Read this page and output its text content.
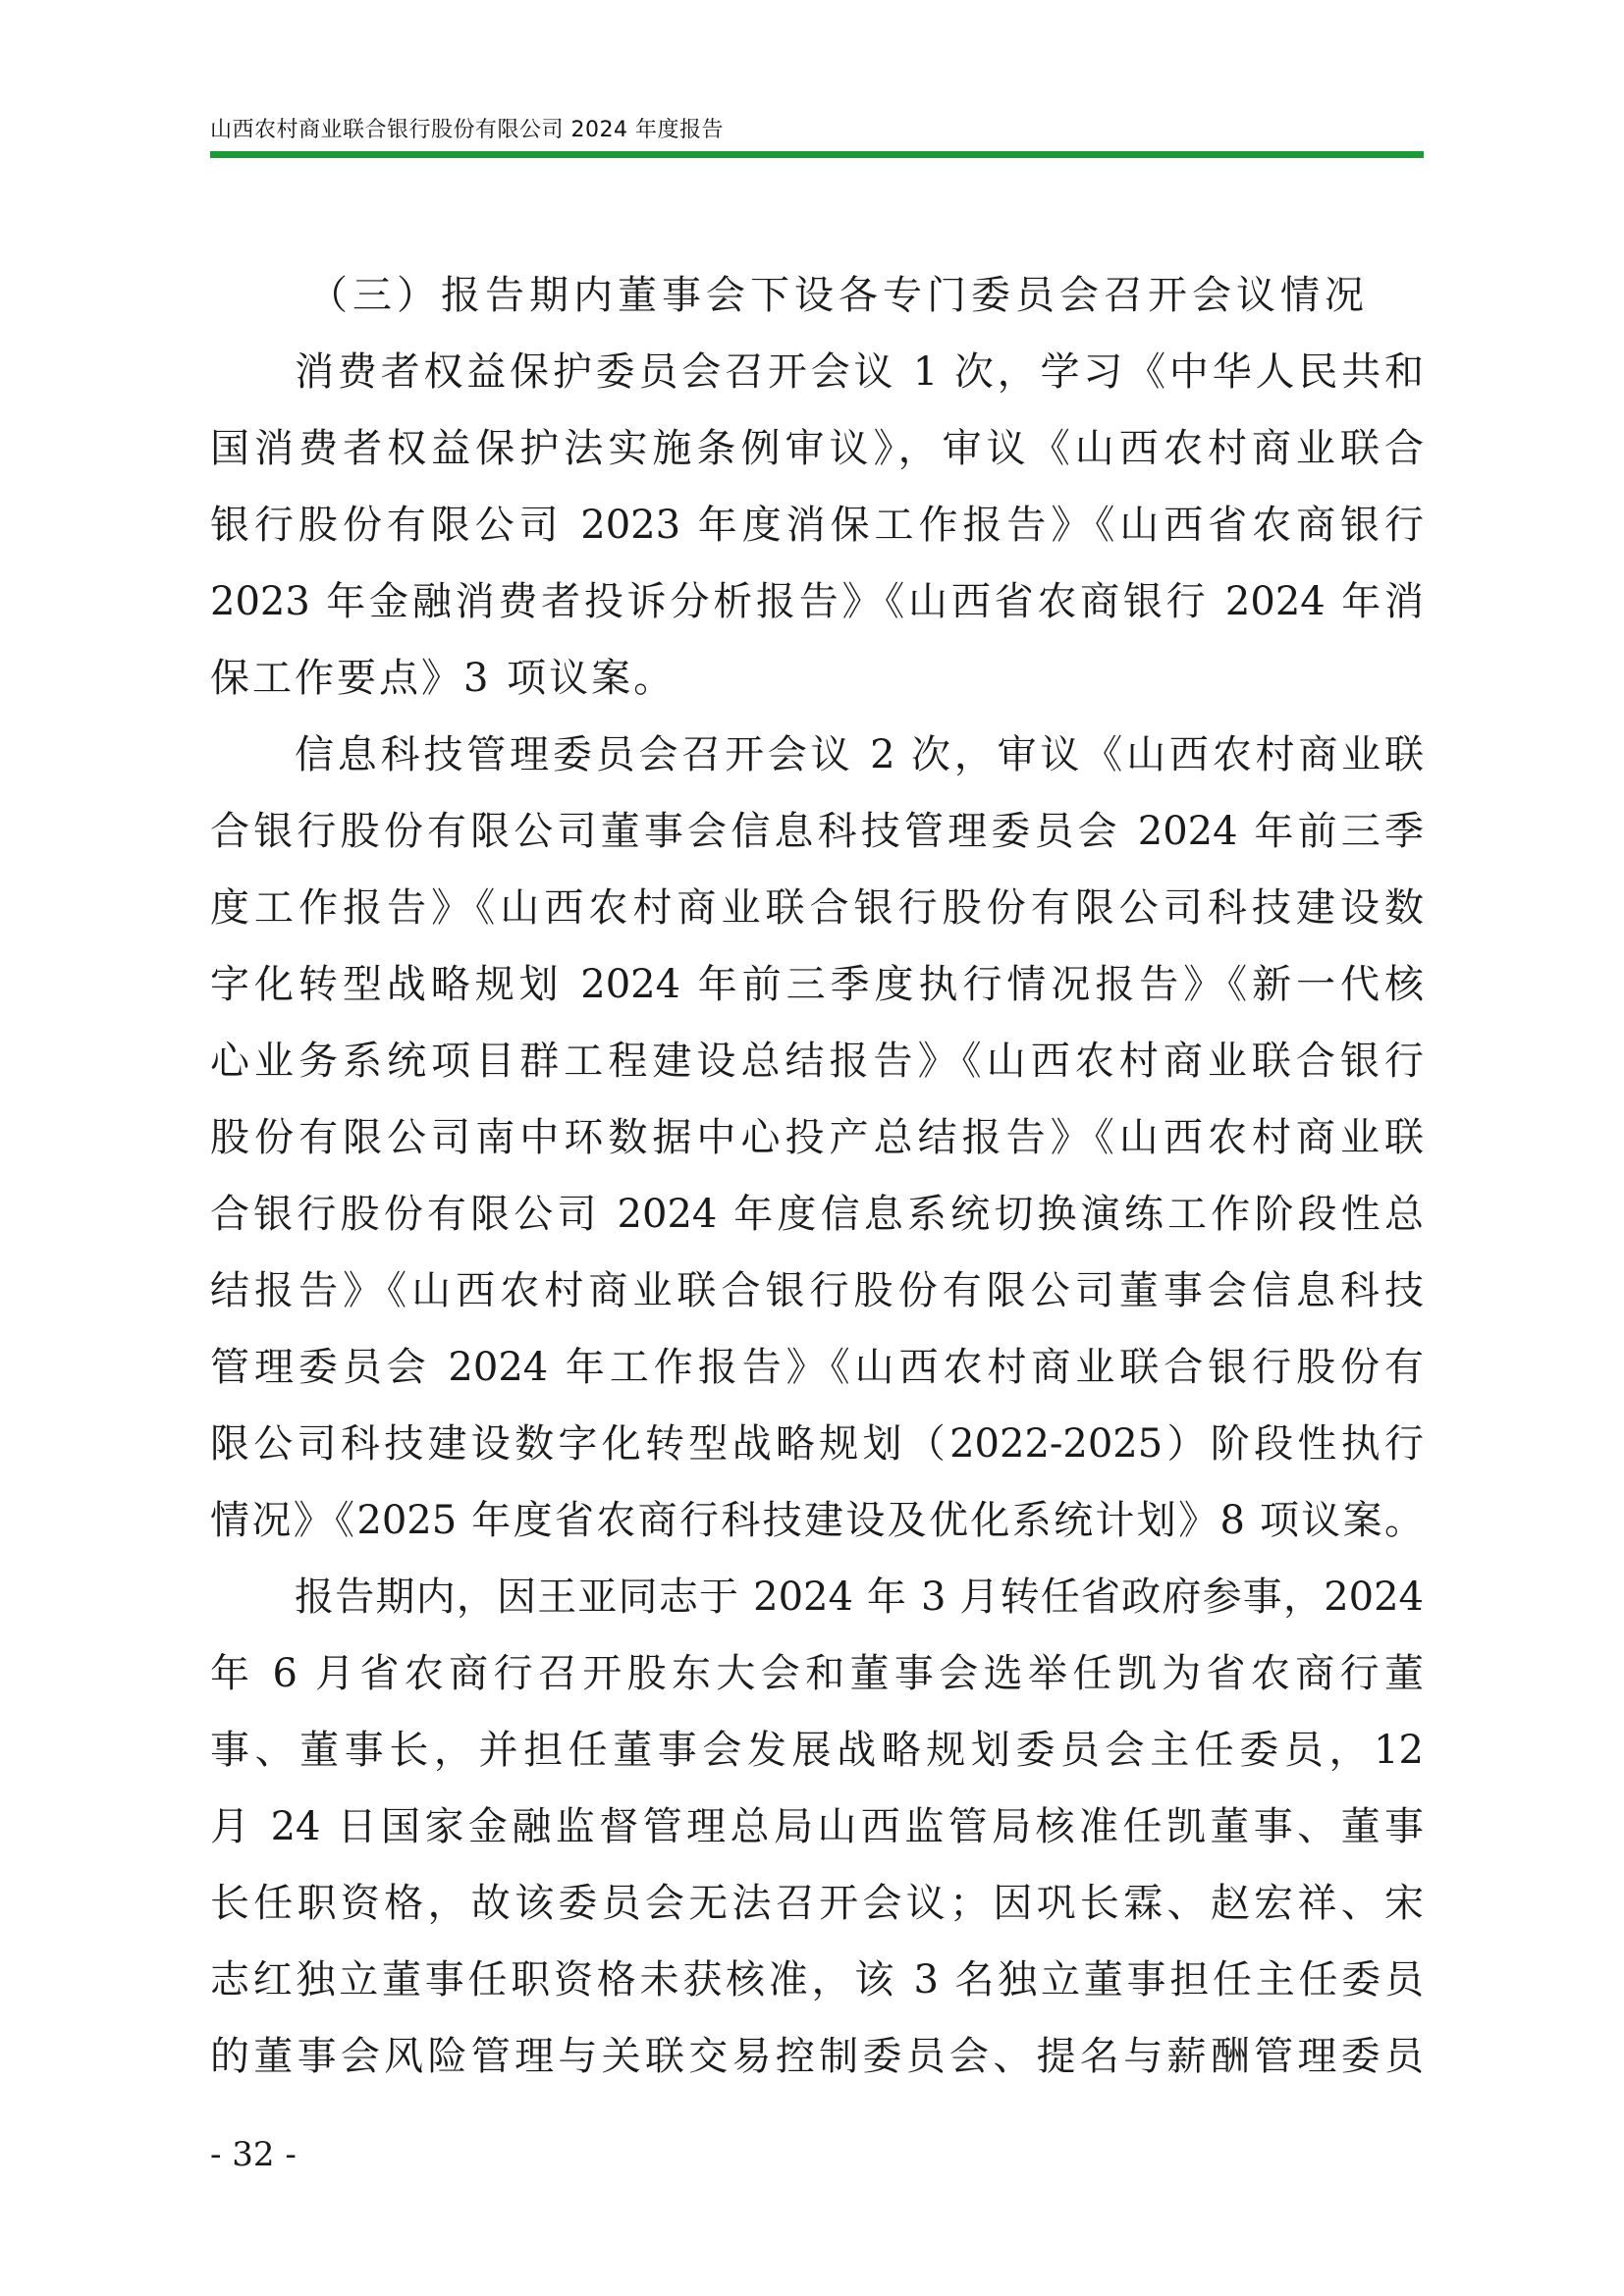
山西农村商业联合银行股份有限公司 2024 年度报告
（三）报告期内董事会下设各专门委员会召开会议情况
消费者权益保护委员会召开会议 1 次，学习《中华人民共和
国消费者权益保护法实施条例审议》，审议《山西农村商业联合
银行股份有限公司 2023 年度消保工作报告》《山西省农商银行
2023 年金融消费者投诉分析报告》《山西省农商银行 2024 年消
保工作要点》3 项议案。
信息科技管理委员会召开会议 2 次，审议《山西农村商业联
合银行股份有限公司董事会信息科技管理委员会 2024 年前三季
度工作报告》《山西农村商业联合银行股份有限公司科技建设数
字化转型战略规划 2024 年前三季度执行情况报告》《新一代核
心业务系统项目群工程建设总结报告》《山西农村商业联合银行
股份有限公司南中环数据中心投产总结报告》《山西农村商业联
合银行股份有限公司 2024 年度信息系统切换演练工作阶段性总
结报告》《山西农村商业联合银行股份有限公司董事会信息科技
管理委员会 2024 年工作报告》《山西农村商业联合银行股份有
限公司科技建设数字化转型战略规划（2022-2025）阶段性执行
情况》《2025 年度省农商行科技建设及优化系统计划》8 项议案。
报告期内，因王亚同志于 2024 年 3 月转任省政府参事，2024
年 6 月省农商行召开股东大会和董事会选举任凯为省农商行董
事、董事长，并担任董事会发展战略规划委员会主任委员，12
月 24 日国家金融监督管理总局山西监管局核准任凯董事、董事
长任职资格，故该委员会无法召开会议；因巩长霖、赵宏祥、宋
志红独立董事任职资格未获核准，该 3 名独立董事担任主任委员
的董事会风险管理与关联交易控制委员会、提名与薪酬管理委员
- 32 -
